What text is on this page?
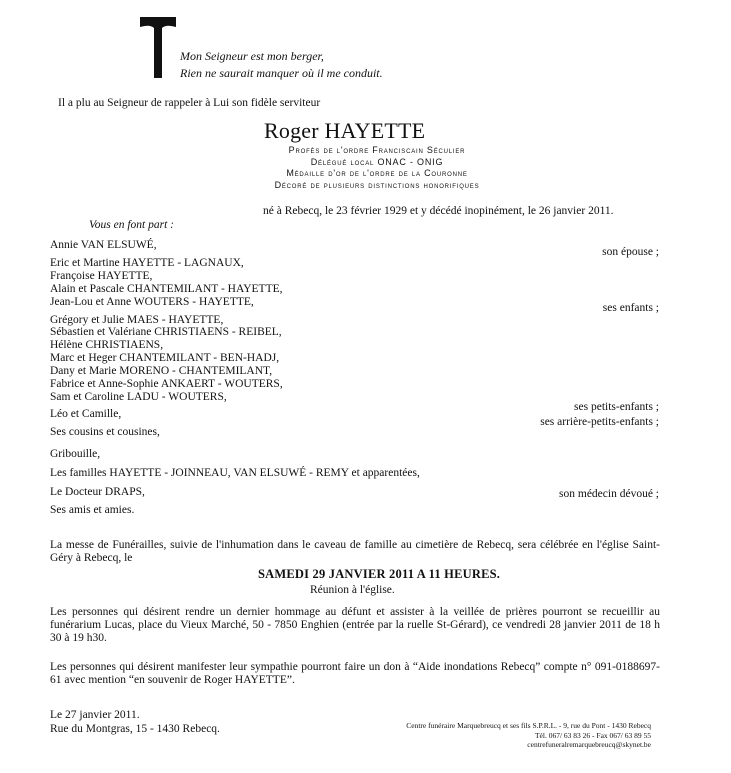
Mon Seigneur est mon berger,
Rien ne saurait manquer où il me conduit.
Il a plu au Seigneur de rappeler à Lui son fidèle serviteur
Roger HAYETTE
Profès de l'ordre Franciscain Séculier
Délégué local ONAC - ONIG
Médaille d'or de l'ordre de la Couronne
Décoré de plusieurs distinctions honorifiques
né à Rebecq, le 23 février 1929 et y décédé inopinément, le 26 janvier 2011.
Vous en font part :
Annie VAN ELSUWÉ,
Eric et Martine HAYETTE - LAGNAUX,
Françoise HAYETTE,
Alain et Pascale CHANTEMILANT - HAYETTE,
Jean-Lou et Anne WOUTERS - HAYETTE,
Grégory et Julie MAES - HAYETTE,
Sébastien et Valériane CHRISTIAENS - REIBEL,
Hélène CHRISTIAENS,
Marc et Heger CHANTEMILANT - BEN-HADJ,
Dany et Marie MORENO - CHANTEMILANT,
Fabrice et Anne-Sophie ANKAERT - WOUTERS,
Sam et Caroline LADU - WOUTERS,
Léo et Camille,
Ses cousins et cousines,
Gribouille,
Les familles HAYETTE - JOINNEAU, VAN ELSUWÉ - REMY et apparentées,
Le Docteur DRAPS,
Ses amis et amies.
son épouse ;
ses enfants ;
ses petits-enfants ;
ses arrière-petits-enfants ;
son médecin dévoué ;
La messe de Funérailles, suivie de l'inhumation dans le caveau de famille au cimetière de Rebecq, sera célébrée en l'église Saint-Géry à Rebecq, le
SAMEDI 29 JANVIER 2011 A 11 HEURES.
Réunion à l'église.
Les personnes qui désirent rendre un dernier hommage au défunt et assister à la veillée de prières pourront se recueillir au funérarium Lucas, place du Vieux Marché, 50 - 7850 Enghien (entrée par la ruelle St-Gérard), ce vendredi 28 janvier 2011 de 18 h 30 à 19 h30.
Les personnes qui désirent manifester leur sympathie pourront faire un don à “Aide inondations Rebecq” compte n° 091-0188697-61 avec mention “en souvenir de Roger HAYETTE”.
Le 27 janvier 2011.
Rue du Montgras, 15 - 1430 Rebecq.	Centre funéraire Marquebreucq et ses fils S.P.R.L. - 9, rue du Pont - 1430 Rebecq
Tél. 067/ 63 83 26 - Fax 067/ 63 89 55
centrefuneralremarquebreucq@skynet.be
